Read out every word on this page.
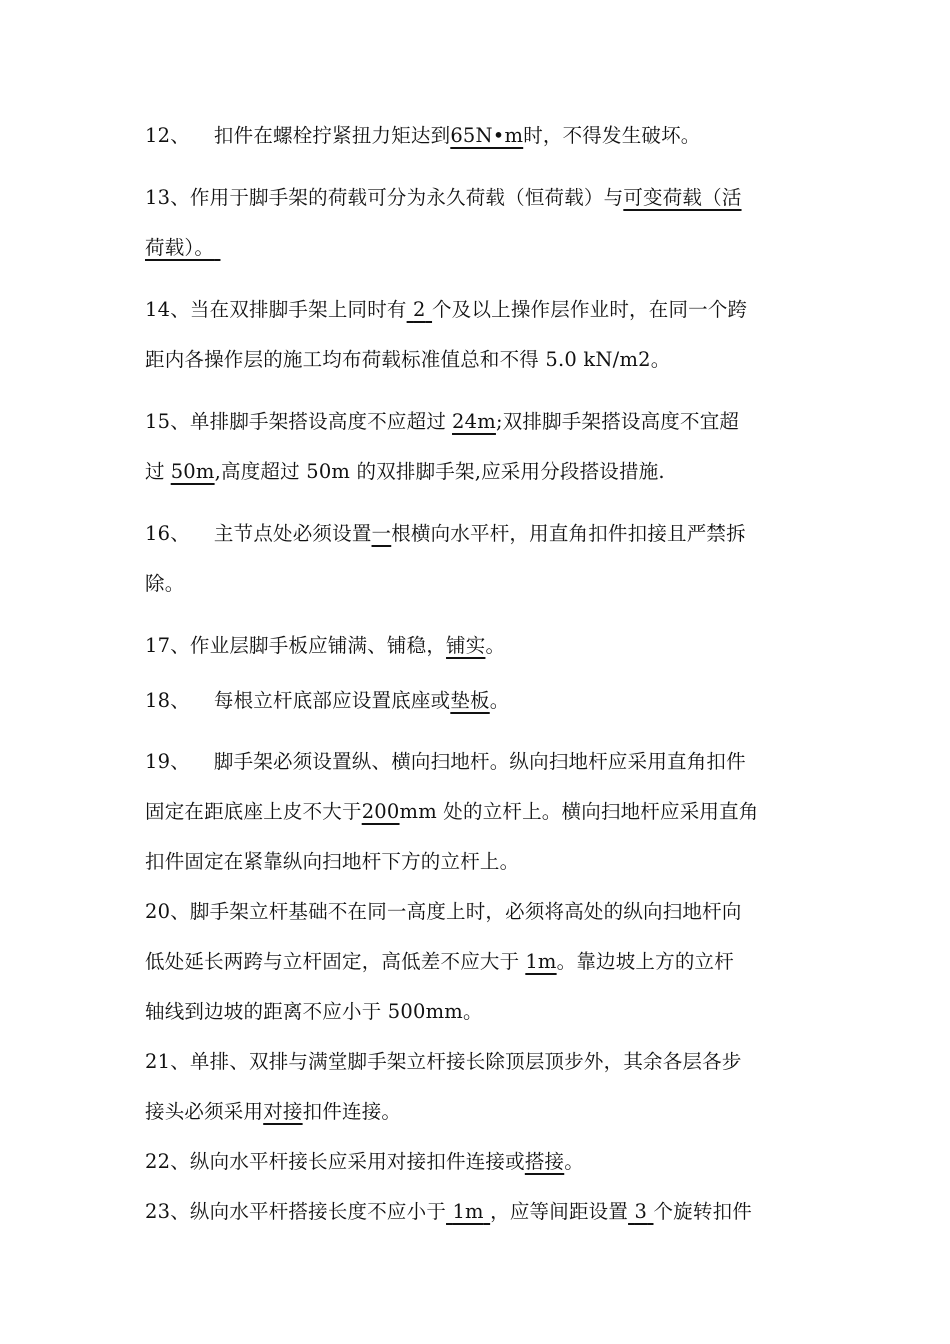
12、 扣件在螺栓拧紧扭力矩达到65N•m时，不得发生破坏。
13、作用于脚手架的荷载可分为永久荷载（恒荷载）与可变荷载（活
荷载）。
14、当在双排脚手架上同时有 2 个及以上操作层作业时，在同一个跨
距内各操作层的施工均布荷载标准值总和不得 5.0 kN/m2。
15、单排脚手架搭设高度不应超过 24m;双排脚手架搭设高度不宜超
过 50m,高度超过 50m 的双排脚手架,应采用分段搭设措施.
16、 主节点处必须设置一根横向水平杆，用直角扣件扣接且严禁拆
除。
17、作业层脚手板应铺满、铺稳，铺实。
18、 每根立杆底部应设置底座或垫板。
19、 脚手架必须设置纵、横向扫地杆。纵向扫地杆应采用直角扣件
固定在距底座上皮不大于200mm 处的立杆上。横向扫地杆应采用直角
扣件固定在紧靠纵向扫地杆下方的立杆上。
20、脚手架立杆基础不在同一高度上时，必须将高处的纵向扫地杆向
低处延长两跨与立杆固定，高低差不应大于 1m。靠边坡上方的立杆
轴线到边坡的距离不应小于 500mm。
21、单排、双排与满堂脚手架立杆接长除顶层顶步外，其余各层各步
接头必须采用对接扣件连接。
22、纵向水平杆接长应采用对接扣件连接或搭接。
23、纵向水平杆搭接长度不应小于 1m ，应等间距设置 3 个旋转扣件
